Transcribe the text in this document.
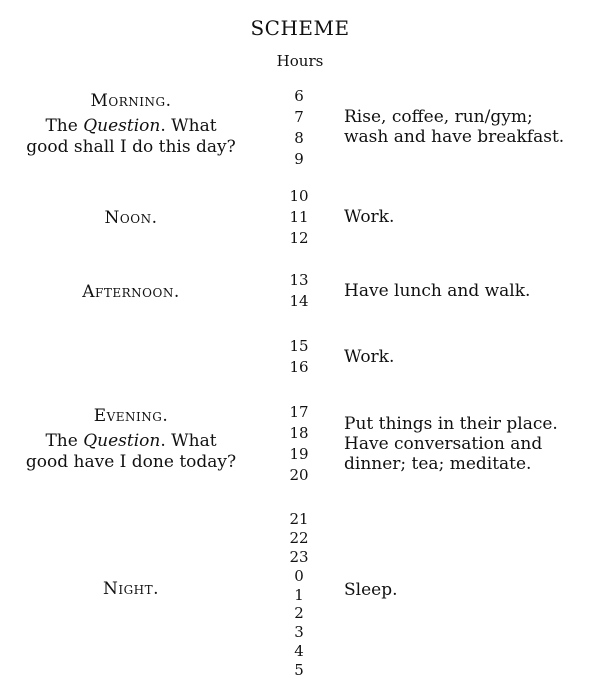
SCHEME
Hours
Morning.
The Question. What
good shall I do this day?
6
7
8
9
Rise, coffee, run/gym;
wash and have breakfast.
Noon.
10
11
12
Work.
Afternoon.
13
14	Have lunch and walk.
15
16	Work.
Evening.
The Question. What
good have I done today?
17
18
19
20
Put things in their place.
Have conversation and
dinner; tea; meditate.
Night.
21
22
23
0
1
2
3
4
5
Sleep.
